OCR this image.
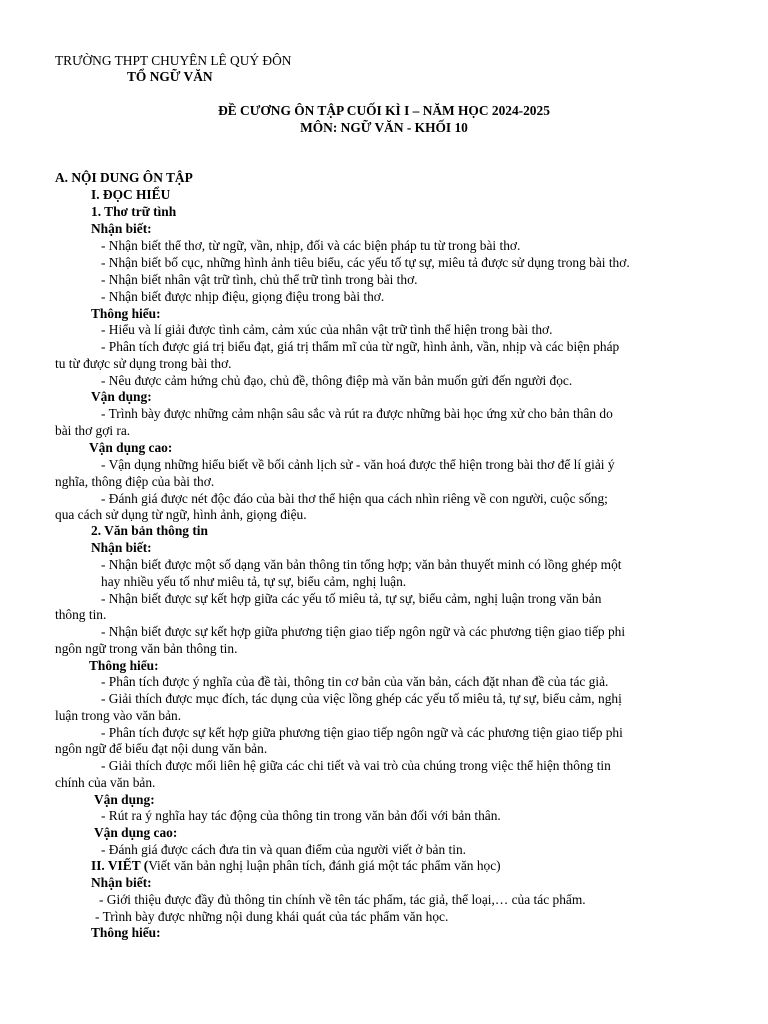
TRƯỜNG THPT CHUYÊN LÊ QUÝ ĐÔN
TỔ NGỮ VĂN
ĐỀ CƯƠNG ÔN TẬP CUỐI KÌ I – NĂM HỌC 2024-2025
MÔN: NGỮ VĂN - KHỐI 10
A. NỘI DUNG ÔN TẬP
I. ĐỌC HIỂU
1. Thơ trữ tình
Nhận biết:
- Nhận biết thể thơ, từ ngữ, vần, nhịp, đối và các biện pháp tu từ trong bài thơ.
- Nhận biết bố cục, những hình ảnh tiêu biểu, các yếu tố tự sự, miêu tả được sử dụng trong bài thơ.
- Nhận biết nhân vật trữ tình, chủ thể trữ tình trong bài thơ.
- Nhận biết được nhịp điệu, giọng điệu trong bài thơ.
Thông hiểu:
- Hiểu và lí giải được tình cảm, cảm xúc của nhân vật trữ tình thể hiện trong bài thơ.
- Phân tích được giá trị biểu đạt, giá trị thẩm mĩ của từ ngữ, hình ảnh, vần, nhịp và các biện pháp
tu từ được sử dụng trong bài thơ.
- Nêu được cảm hứng chủ đạo, chủ đề, thông điệp mà văn bản muốn gửi đến người đọc.
Vận dụng:
- Trình bày được những cảm nhận sâu sắc và rút ra được những bài học ứng xử cho bản thân do
bài thơ gợi ra.
Vận dụng cao:
- Vận dụng những hiểu biết về bối cảnh lịch sử - văn hoá được thể hiện trong bài thơ để lí giải ý
nghĩa, thông điệp của bài thơ.
- Đánh giá được nét độc đáo của bài thơ thể hiện qua cách nhìn riêng về con người, cuộc sống;
qua cách sử dụng từ ngữ, hình ảnh, giọng điệu.
2. Văn bản thông tin
Nhận biết:
- Nhận biết được một số dạng văn bản thông tin tổng hợp; văn bản thuyết minh có lồng ghép một
hay nhiều yếu tố như miêu tả, tự sự, biểu cảm, nghị luận.
- Nhận biết được sự kết hợp giữa các yếu tố miêu tả, tự sự, biểu cảm, nghị luận trong văn bản
thông tin.
- Nhận biết được sự kết hợp giữa phương tiện giao tiếp ngôn ngữ và các phương tiện giao tiếp phi
ngôn ngữ trong văn bản thông tin.
Thông hiểu:
- Phân tích được ý nghĩa của đề tài, thông tin cơ bản của văn bản, cách đặt nhan đề của tác giả.
- Giải thích được mục đích, tác dụng của việc lồng ghép các yếu tố miêu tả, tự sự, biểu cảm, nghị
luận trong vào văn bản.
- Phân tích được sự kết hợp giữa phương tiện giao tiếp ngôn ngữ và các phương tiện giao tiếp phi
ngôn ngữ để biểu đạt nội dung văn bản.
- Giải thích được mối liên hệ giữa các chi tiết và vai trò của chúng trong việc thể hiện thông tin
chính của văn bản.
Vận dụng:
- Rút ra ý nghĩa hay tác động của thông tin trong văn bản đối với bản thân.
Vận dụng cao:
- Đánh giá được cách đưa tin và quan điểm của người viết ở bản tin.
II. VIẾT (Viết văn bản nghị luận phân tích, đánh giá một tác phẩm văn học)
Nhận biết:
- Giới thiệu được đầy đủ thông tin chính về tên tác phẩm, tác giả, thể loại,… của tác phẩm.
- Trình bày được những nội dung khái quát của tác phẩm văn học.
Thông hiểu:
